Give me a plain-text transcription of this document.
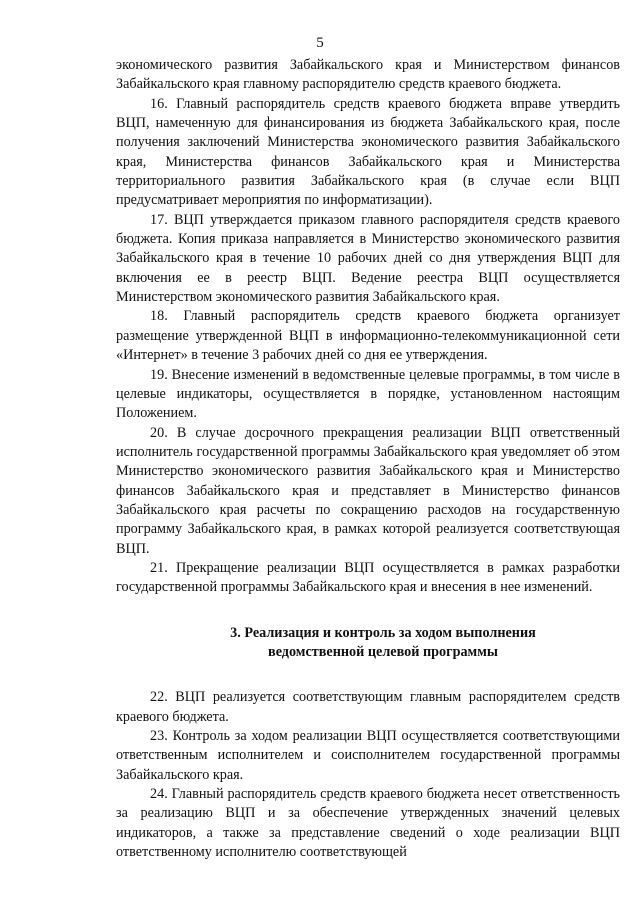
5

экономического развития Забайкальского края и Министерством финансов Забайкальского края главному распорядителю средств краевого бюджета.

16. Главный распорядитель средств краевого бюджета вправе утвердить ВЦП, намеченную для финансирования из бюджета Забайкальского края, после получения заключений Министерства экономического развития Забайкальского края, Министерства финансов Забайкальского края и Министерства территориального развития Забайкальского края (в случае если ВЦП предусматривает мероприятия по информатизации).

17. ВЦП утверждается приказом главного распорядителя средств краевого бюджета. Копия приказа направляется в Министерство экономического развития Забайкальского края в течение 10 рабочих дней со дня утверждения ВЦП для включения ее в реестр ВЦП. Ведение реестра ВЦП осуществляется Министерством экономического развития Забайкальского края.

18. Главный распорядитель средств краевого бюджета организует размещение утвержденной ВЦП в информационно-телекоммуникационной сети «Интернет» в течение 3 рабочих дней со дня ее утверждения.

19. Внесение изменений в ведомственные целевые программы, в том числе в целевые индикаторы, осуществляется в порядке, установленном настоящим Положением.

20. В случае досрочного прекращения реализации ВЦП ответственный исполнитель государственной программы Забайкальского края уведомляет об этом Министерство экономического развития Забайкальского края и Министерство финансов Забайкальского края и представляет в Министерство финансов Забайкальского края расчеты по сокращению расходов на государственную программу Забайкальского края, в рамках которой реализуется соответствующая ВЦП.

21. Прекращение реализации ВЦП осуществляется в рамках разработки государственной программы Забайкальского края и внесения в нее изменений.

3. Реализация и контроль за ходом выполнения
ведомственной целевой программы

22. ВЦП реализуется соответствующим главным распорядителем средств краевого бюджета.

23. Контроль за ходом реализации ВЦП осуществляется соответствующими ответственным исполнителем и соисполнителем государственной программы Забайкальского края.

24. Главный распорядитель средств краевого бюджета несет ответственность за реализацию ВЦП и за обеспечение утвержденных значений целевых индикаторов, а также за представление сведений о ходе реализации ВЦП ответственному исполнителю соответствующей
